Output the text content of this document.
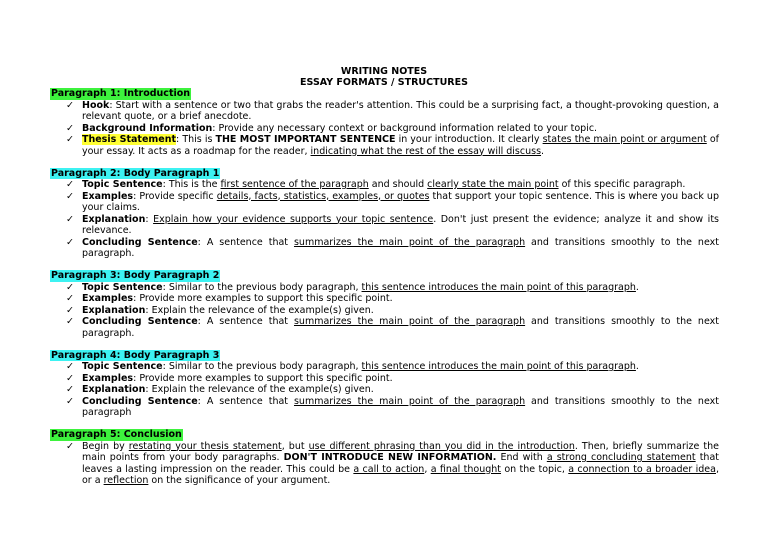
WRITING NOTES
ESSAY FORMATS / STRUCTURES
Paragraph 1: Introduction
✓ Hook: Start with a sentence or two that grabs the reader's attention. This could be a surprising fact, a thought-provoking question, a relevant quote, or a brief anecdote.
✓ Background Information: Provide any necessary context or background information related to your topic.
✓ Thesis Statement: This is THE MOST IMPORTANT SENTENCE in your introduction. It clearly states the main point or argument of your essay. It acts as a roadmap for the reader, indicating what the rest of the essay will discuss.
Paragraph 2: Body Paragraph 1
✓ Topic Sentence: This is the first sentence of the paragraph and should clearly state the main point of this specific paragraph.
✓ Examples: Provide specific details, facts, statistics, examples, or quotes that support your topic sentence. This is where you back up your claims.
✓ Explanation: Explain how your evidence supports your topic sentence. Don't just present the evidence; analyze it and show its relevance.
✓ Concluding Sentence: A sentence that summarizes the main point of the paragraph and transitions smoothly to the next paragraph.
Paragraph 3: Body Paragraph 2
✓ Topic Sentence: Similar to the previous body paragraph, this sentence introduces the main point of this paragraph.
✓ Examples: Provide more examples to support this specific point.
✓ Explanation: Explain the relevance of the example(s) given.
✓ Concluding Sentence: A sentence that summarizes the main point of the paragraph and transitions smoothly to the next paragraph.
Paragraph 4: Body Paragraph 3
✓ Topic Sentence: Similar to the previous body paragraph, this sentence introduces the main point of this paragraph.
✓ Examples: Provide more examples to support this specific point.
✓ Explanation: Explain the relevance of the example(s) given.
✓ Concluding Sentence: A sentence that summarizes the main point of the paragraph and transitions smoothly to the next paragraph
Paragraph 5: Conclusion
✓ Begin by restating your thesis statement, but use different phrasing than you did in the introduction. Then, briefly summarize the main points from your body paragraphs. DON'T INTRODUCE NEW INFORMATION. End with a strong concluding statement that leaves a lasting impression on the reader. This could be a call to action, a final thought on the topic, a connection to a broader idea, or a reflection on the significance of your argument.
